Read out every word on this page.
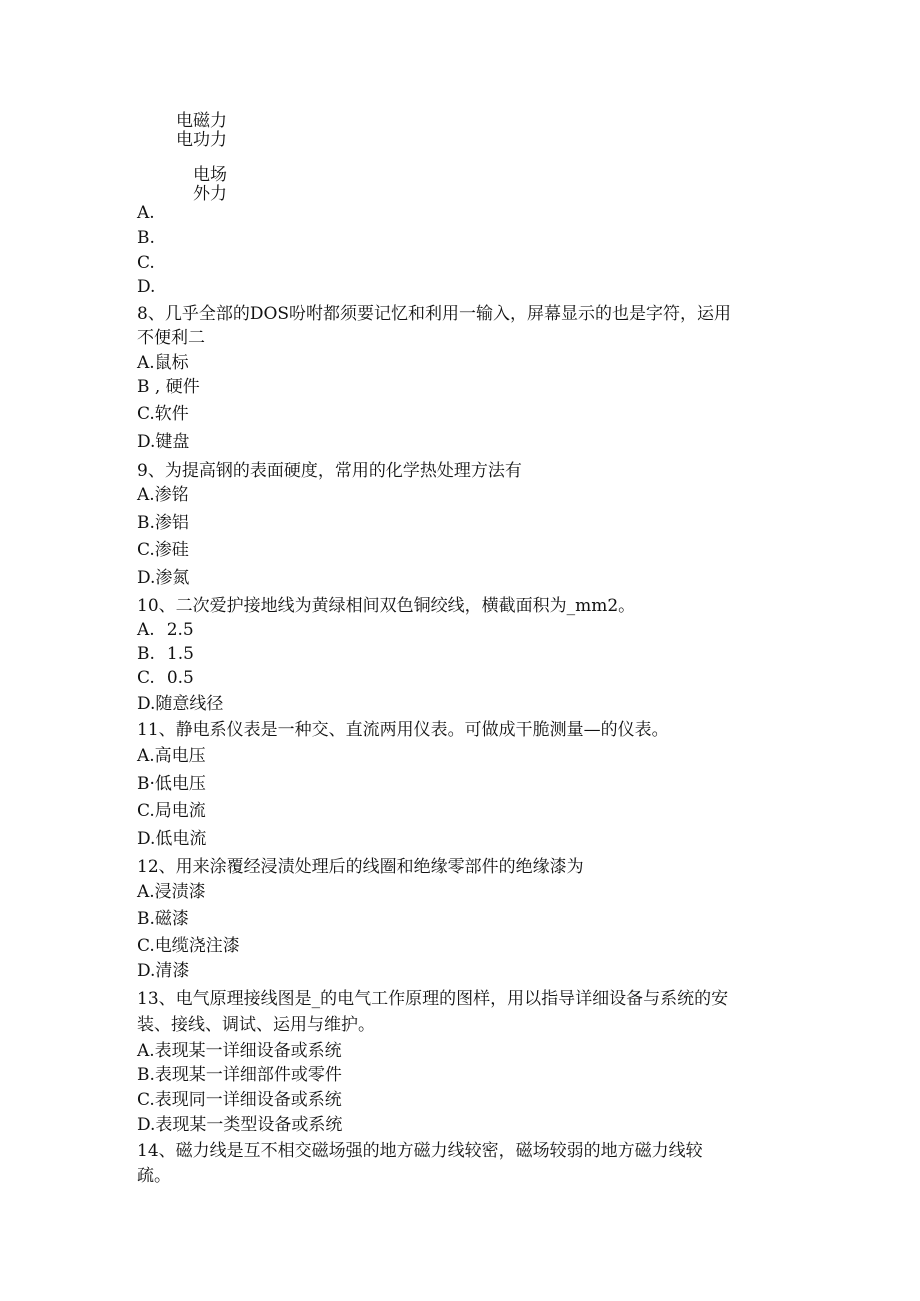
电磁力
电功力
电场
外力
A.
B.
C.
D.
8、几乎全部的DOS吩咐都须要记忆和利用一输入，屏幕显示的也是字符，运用
不便利二
A.鼠标
B , 硬件
C.软件
D.键盘
9、为提高钢的表面硬度，常用的化学热处理方法有
A.渗铭
B.渗铝
C.渗硅
D.渗氮
10、二次爱护接地线为黄绿相间双色铜绞线，横截面积为_mm2。
A. 2.5
B. 1.5
C. 0.5
D.随意线径
11、静电系仪表是一种交、直流两用仪表。可做成干脆测量—的仪表。
A.高电压
B·低电压
C.局电流
D.低电流
12、用来涂覆经浸渍处理后的线圈和绝缘零部件的绝缘漆为
A.浸渍漆
B.磁漆
C.电缆浇注漆
D.清漆
13、电气原理接线图是_的电气工作原理的图样，用以指导详细设备与系统的安
装、接线、调试、运用与维护。
A.表现某一详细设备或系统
B.表现某一详细部件或零件
C.表现同一详细设备或系统
D.表现某一类型设备或系统
14、磁力线是互不相交磁场强的地方磁力线较密，磁场较弱的地方磁力线较
疏。
